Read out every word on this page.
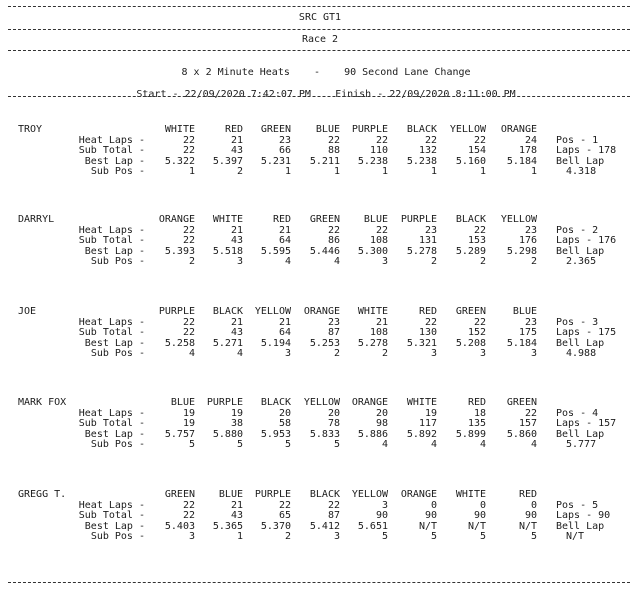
SRC GT1
Race 2

8 x 2 Minute Heats - 90 Second Lane Change

Start - 22/09/2020 7:42:07 PM Finish - 22/09/2020 8:11:00 PM

TROY	WHITE	RED	GREEN	BLUE	PURPLE	BLACK	YELLOW	ORANGE
Heat Laps -	22	21	23	22	22	22	22	24 Pos - 1
Sub Total -	22	43	66	88	110	132	154	178 Laps - 178
Best Lap -	5.322	5.397	5.231	5.211	5.238	5.238	5.160	5.184 Bell Lap
Sub Pos -	1	2	1	1	1	1	1	1	4.318
DARRYL	ORANGE	WHITE	RED	GREEN	BLUE	PURPLE	BLACK	YELLOW
Heat Laps -	22	21	21	22	22	23	22	23 Pos - 2
Sub Total -	22	43	64	86	108	131	153	176 Laps - 176
Best Lap -	5.393	5.518	5.595	5.446	5.300	5.278	5.289	5.298 Bell Lap
Sub Pos -	2	3	4	4	3	2	2	2	2.365
JOE	PURPLE	BLACK	YELLOW	ORANGE	WHITE	RED	GREEN	BLUE
Heat Laps -	22	21	21	23	21	22	22	23 Pos - 3
Sub Total -	22	43	64	87	108	130	152	175 Laps - 175
Best Lap -	5.258	5.271	5.194	5.253	5.278	5.321	5.208	5.184 Bell Lap
Sub Pos -	4	4	3	2	2	3	3	3	4.988
MARK FOX	BLUE	PURPLE	BLACK	YELLOW	ORANGE	WHITE	RED	GREEN
Heat Laps -	19	19	20	20	20	19	18	22 Pos - 4
Sub Total -	19	38	58	78	98	117	135	157 Laps - 157
Best Lap -	5.757	5.880	5.953	5.833	5.886	5.892	5.899	5.860 Bell Lap
Sub Pos -	5	5	5	5	4	4	4	4	5.777
GREGG T.	GREEN	BLUE	PURPLE	BLACK	YELLOW	ORANGE	WHITE	RED
Heat Laps -	22	21	22	22	3	0	0	0 Pos - 5
Sub Total -	22	43	65	87	90	90	90	90 Laps - 90
Best Lap -	5.403	5.365	5.370	5.412	5.651	N/T	N/T	N/T Bell Lap
Sub Pos -	3	1	2	3	5	5	5	5	N/T
